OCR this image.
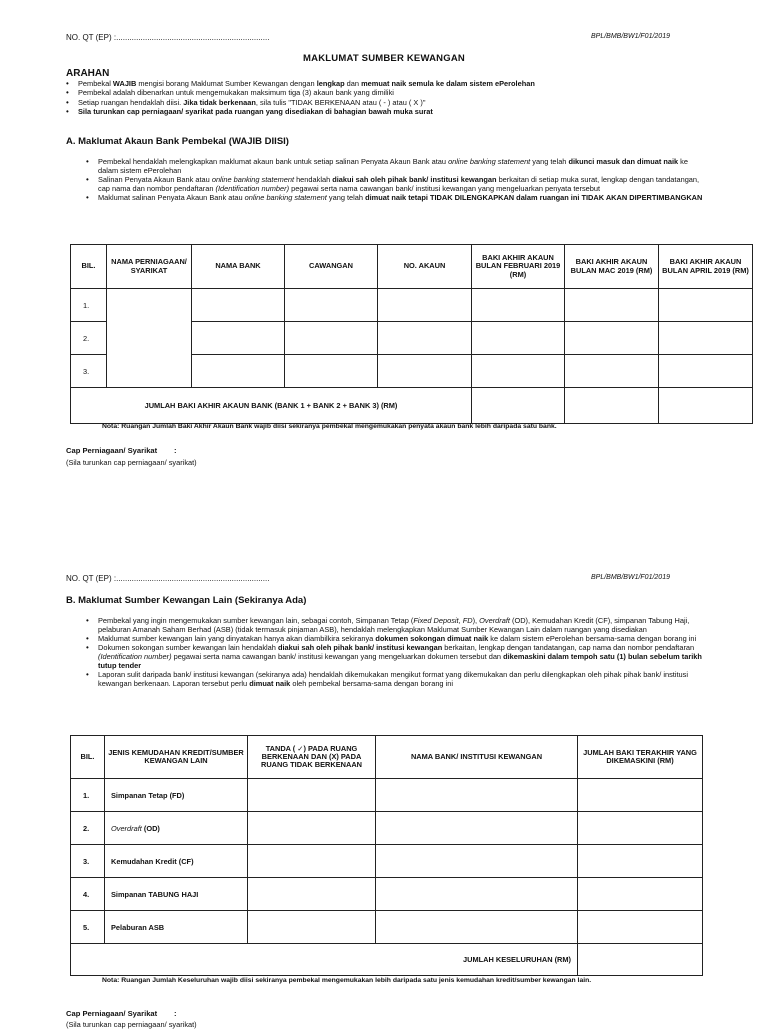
NO. QT (EP) :.....................................................................	BPL/BMB/BW1/F01/2019
MAKLUMAT SUMBER KEWANGAN
ARAHAN
• Pembekal WAJIB mengisi borang Maklumat Sumber Kewangan dengan lengkap dan memuat naik semula ke dalam sistem ePerolehan
• Pembekal adalah dibenarkan untuk mengemukakan maksimum tiga (3) akaun bank yang dimiliki
• Setiap ruangan hendaklah diisi. Jika tidak berkenaan, sila tulis "TIDAK BERKENAAN atau ( - ) atau ( X )"
• Sila turunkan cap perniagaan/ syarikat pada ruangan yang disediakan di bahagian bawah muka surat
A. Maklumat Akaun Bank Pembekal (WAJIB DIISI)
• Pembekal hendaklah melengkapkan maklumat akaun bank untuk setiap salinan Penyata Akaun Bank atau online banking statement yang telah dikunci masuk dan dimuat naik ke dalam sistem ePerolehan
• Salinan Penyata Akaun Bank atau online banking statement hendaklah diakui sah oleh pihak bank/ institusi kewangan berkaitan di setiap muka surat, lengkap dengan tandatangan, cap nama dan nombor pendaftaran (Identification number) pegawai serta nama cawangan bank/ institusi kewangan yang mengeluarkan penyata tersebut
• Maklumat salinan Penyata Akaun Bank atau online banking statement yang telah dimuat naik tetapi TIDAK DILENGKAPKAN dalam ruangan ini TIDAK AKAN DIPERTIMBANGKAN
BIL.	NAMA PERNIAGAAN/ SYARIKAT	NAMA BANK	CAWANGAN	NO. AKAUN	BAKI AKHIR AKAUN BULAN FEBRUARI 2019 (RM)	BAKI AKHIR AKAUN BULAN MAC 2019 (RM)	BAKI AKHIR AKAUN BULAN APRIL 2019 (RM)
1.							
2.							
3.							
JUMLAH BAKI AKHIR AKAUN BANK (BANK 1 + BANK 2 + BANK 3) (RM)							
Nota: Ruangan Jumlah Baki Akhir Akaun Bank wajib diisi sekiranya pembekal mengemukakan penyata akaun bank lebih daripada satu bank.
Cap Perniagaan/ Syarikat        :
(Sila turunkan cap perniagaan/ syarikat)
NO. QT (EP) :.....................................................................	BPL/BMB/BW1/F01/2019
B. Maklumat Sumber Kewangan Lain (Sekiranya Ada)
• Pembekal yang ingin mengemukakan sumber kewangan lain, sebagai contoh, Simpanan Tetap (Fixed Deposit, FD), Overdraft (OD), Kemudahan Kredit (CF), simpanan Tabung Haji, pelaburan Amanah Saham Berhad (ASB) (tidak termasuk pinjaman ASB), hendaklah melengkapkan Maklumat Sumber Kewangan Lain dalam ruangan yang disediakan
• Maklumat sumber kewangan lain yang dinyatakan hanya akan diambilkira sekiranya dokumen sokongan dimuat naik ke dalam sistem ePerolehan bersama-sama dengan borang ini
• Dokumen sokongan sumber kewangan lain hendaklah diakui sah oleh pihak bank/ institusi kewangan berkaitan, lengkap dengan tandatangan, cap nama dan nombor pendaftaran (Identification number) pegawai serta nama cawangan bank/ institusi kewangan yang mengeluarkan dokumen tersebut dan dikemaskini dalam tempoh satu (1) bulan sebelum tarikh tutup tender
• Laporan sulit daripada bank/ institusi kewangan (sekiranya ada) hendaklah dikemukakan mengikut format yang dikemukakan dan perlu dilengkapkan oleh pihak pihak bank/ institusi kewangan berkenaan. Laporan tersebut perlu dimuat naik oleh pembekal bersama-sama dengan borang ini
BIL.	JENIS KEMUDAHAN KREDIT/SUMBER KEWANGAN LAIN	TANDA ( ✓) PADA RUANG BERKENAAN DAN (X) PADA RUANG TIDAK BERKENAAN	NAMA BANK/ INSTITUSI KEWANGAN	JUMLAH BAKI TERAKHIR YANG DIKEMASKINI (RM)
1.	Simpanan Tetap (FD)			
2.	Overdraft (OD)			
3.	Kemudahan Kredit (CF)			
4.	Simpanan TABUNG HAJI			
5.	Pelaburan ASB			
JUMLAH KESELURUHAN (RM)				
Nota: Ruangan Jumlah Keseluruhan wajib diisi sekiranya pembekal mengemukakan lebih daripada satu jenis kemudahan kredit/sumber kewangan lain.
Cap Perniagaan/ Syarikat        :
(Sila turunkan cap perniagaan/ syarikat)
